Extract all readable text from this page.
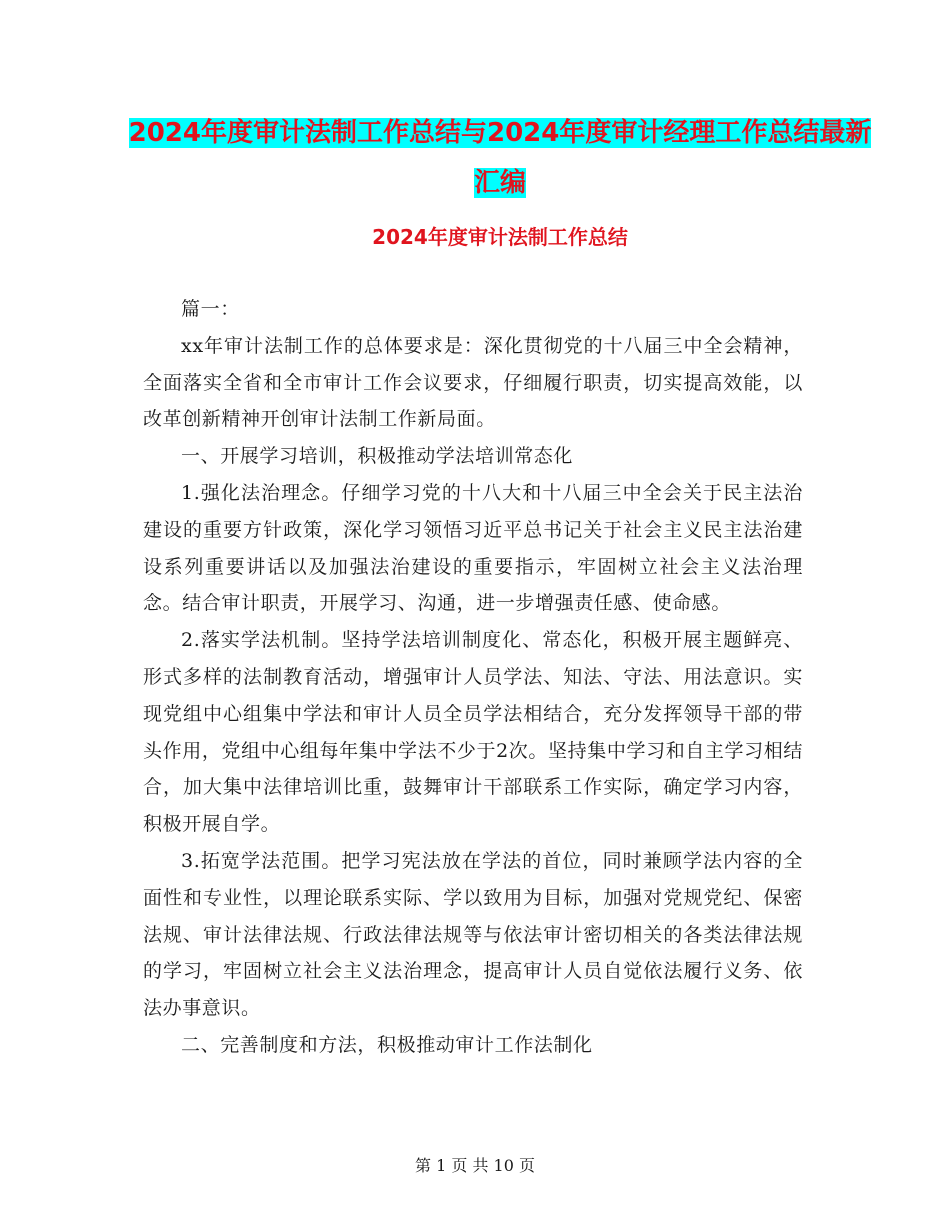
2024年度审计法制工作总结与2024年度审计经理工作总结最新汇编
2024年度审计法制工作总结

篇一：

xx年审计法制工作的总体要求是：深化贯彻党的十八届三中全会精神，全面落实全省和全市审计工作会议要求，仔细履行职责，切实提高效能，以改革创新精神开创审计法制工作新局面。

一、开展学习培训，积极推动学法培训常态化

1.强化法治理念。仔细学习党的十八大和十八届三中全会关于民主法治建设的重要方针政策，深化学习领悟习近平总书记关于社会主义民主法治建设系列重要讲话以及加强法治建设的重要指示，牢固树立社会主义法治理念。结合审计职责，开展学习、沟通，进一步增强责任感、使命感。

2.落实学法机制。坚持学法培训制度化、常态化，积极开展主题鲜亮、形式多样的法制教育活动，增强审计人员学法、知法、守法、用法意识。实现党组中心组集中学法和审计人员全员学法相结合，充分发挥领导干部的带头作用，党组中心组每年集中学法不少于2次。坚持集中学习和自主学习相结合，加大集中法律培训比重，鼓舞审计干部联系工作实际，确定学习内容，积极开展自学。

3.拓宽学法范围。把学习宪法放在学法的首位，同时兼顾学法内容的全面性和专业性，以理论联系实际、学以致用为目标，加强对党规党纪、保密法规、审计法律法规、行政法律法规等与依法审计密切相关的各类法律法规的学习，牢固树立社会主义法治理念，提高审计人员自觉依法履行义务、依法办事意识。

二、完善制度和方法，积极推动审计工作法制化

第 1 页 共 10 页
